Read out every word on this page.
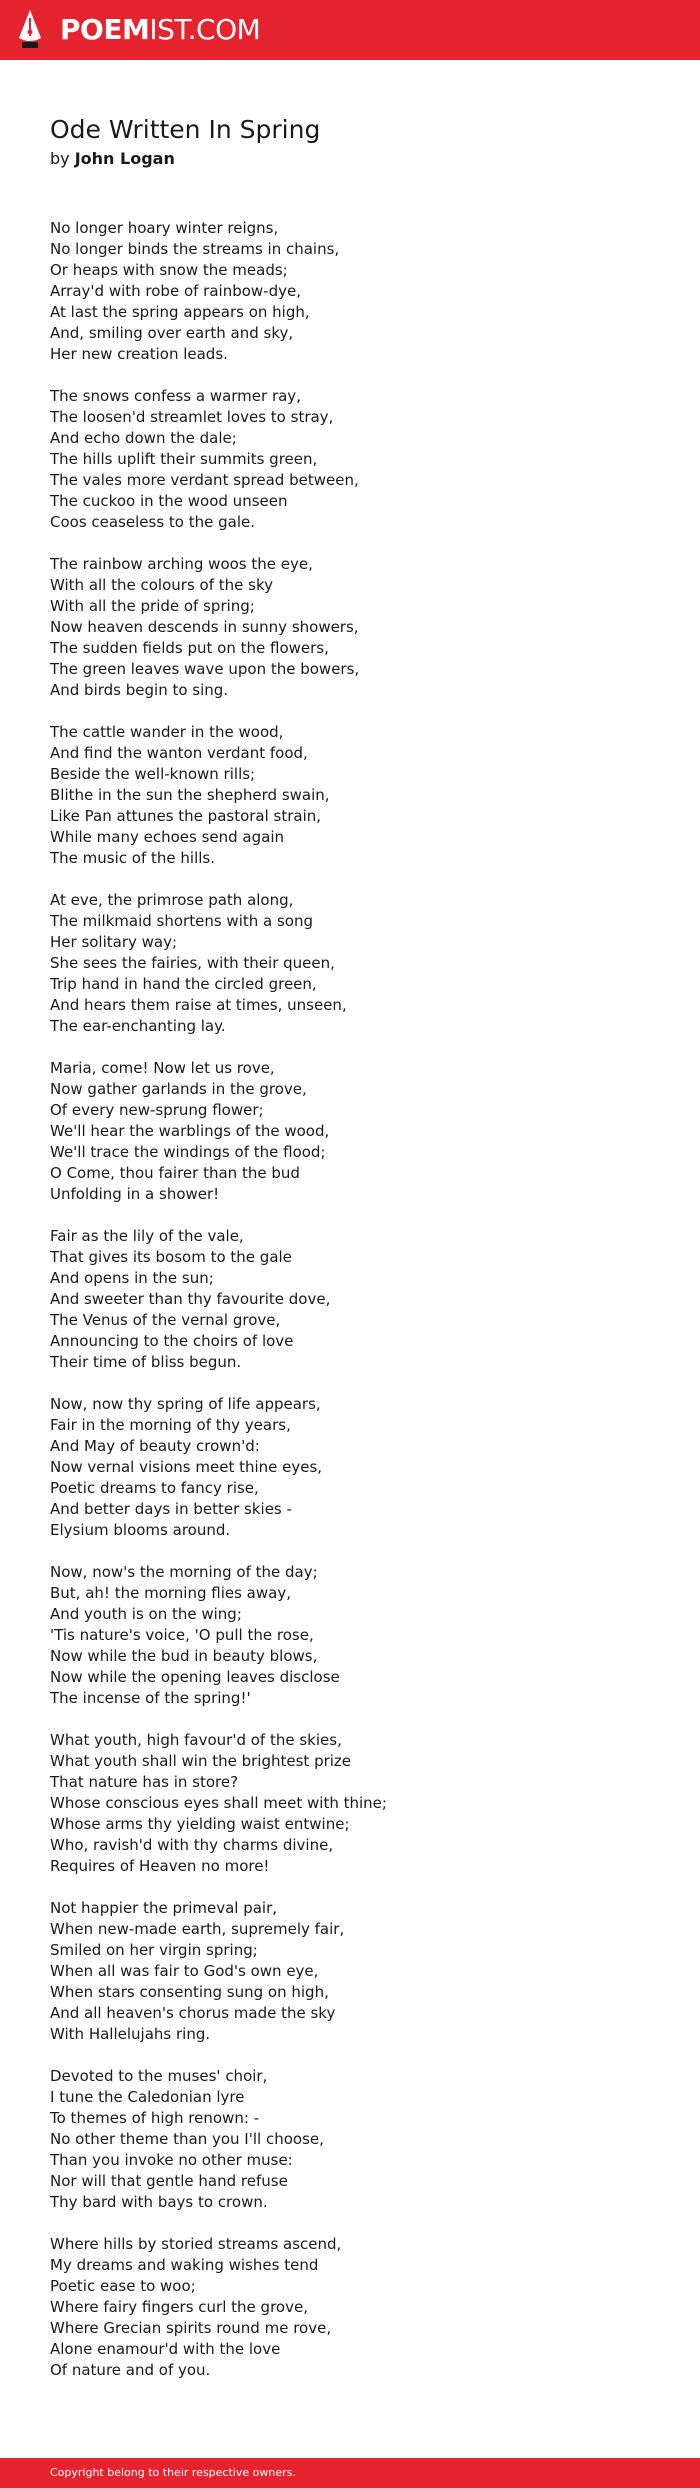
POEMIST.COM
Ode Written In Spring
by John Logan
No longer hoary winter reigns,
No longer binds the streams in chains,
Or heaps with snow the meads;
Array'd with robe of rainbow-dye,
At last the spring appears on high,
And, smiling over earth and sky,
Her new creation leads.
The snows confess a warmer ray,
The loosen'd streamlet loves to stray,
And echo down the dale;
The hills uplift their summits green,
The vales more verdant spread between,
The cuckoo in the wood unseen
Coos ceaseless to the gale.
The rainbow arching woos the eye,
With all the colours of the sky
With all the pride of spring;
Now heaven descends in sunny showers,
The sudden fields put on the flowers,
The green leaves wave upon the bowers,
And birds begin to sing.
The cattle wander in the wood,
And find the wanton verdant food,
Beside the well-known rills;
Blithe in the sun the shepherd swain,
Like Pan attunes the pastoral strain,
While many echoes send again
The music of the hills.
At eve, the primrose path along,
The milkmaid shortens with a song
Her solitary way;
She sees the fairies, with their queen,
Trip hand in hand the circled green,
And hears them raise at times, unseen,
The ear-enchanting lay.
Maria, come! Now let us rove,
Now gather garlands in the grove,
Of every new-sprung flower;
We'll hear the warblings of the wood,
We'll trace the windings of the flood;
O Come, thou fairer than the bud
Unfolding in a shower!
Fair as the lily of the vale,
That gives its bosom to the gale
And opens in the sun;
And sweeter than thy favourite dove,
The Venus of the vernal grove,
Announcing to the choirs of love
Their time of bliss begun.
Now, now thy spring of life appears,
Fair in the morning of thy years,
And May of beauty crown'd:
Now vernal visions meet thine eyes,
Poetic dreams to fancy rise,
And better days in better skies -
Elysium blooms around.
Now, now's the morning of the day;
But, ah! the morning flies away,
And youth is on the wing;
'Tis nature's voice, 'O pull the rose,
Now while the bud in beauty blows,
Now while the opening leaves disclose
The incense of the spring!'
What youth, high favour'd of the skies,
What youth shall win the brightest prize
That nature has in store?
Whose conscious eyes shall meet with thine;
Whose arms thy yielding waist entwine;
Who, ravish'd with thy charms divine,
Requires of Heaven no more!
Not happier the primeval pair,
When new-made earth, supremely fair,
Smiled on her virgin spring;
When all was fair to God's own eye,
When stars consenting sung on high,
And all heaven's chorus made the sky
With Hallelujahs ring.
Devoted to the muses' choir,
I tune the Caledonian lyre
To themes of high renown: -
No other theme than you I'll choose,
Than you invoke no other muse:
Nor will that gentle hand refuse
Thy bard with bays to crown.
Where hills by storied streams ascend,
My dreams and waking wishes tend
Poetic ease to woo;
Where fairy fingers curl the grove,
Where Grecian spirits round me rove,
Alone enamour'd with the love
Of nature and of you.
Copyright belong to their respective owners.
